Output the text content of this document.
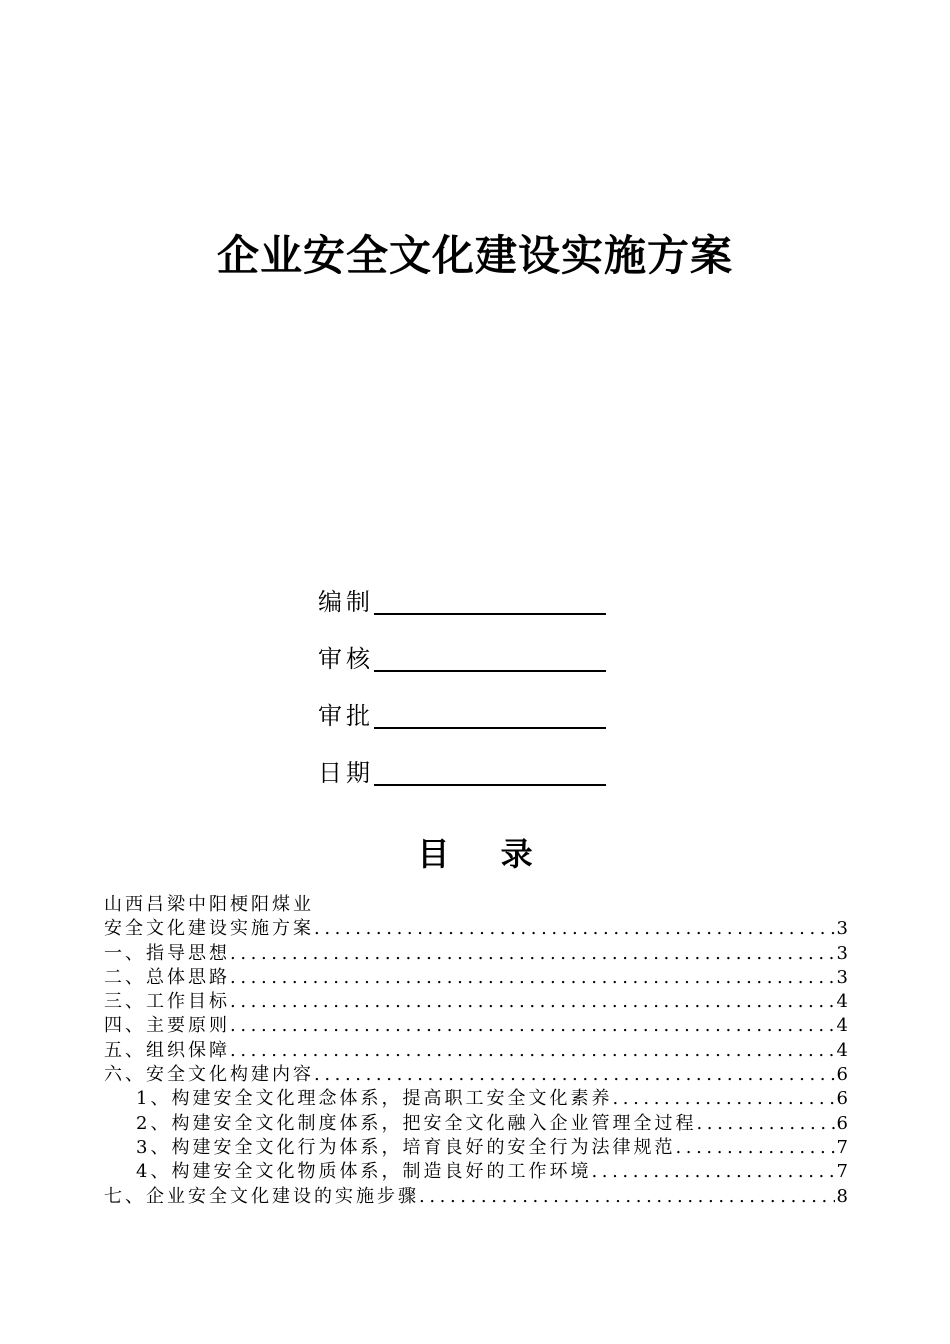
企业安全文化建设实施方案
编制
审核
审批
日期
目 录
山西吕梁中阳梗阳煤业
安全文化建设实施方案 .....	3
一、指导思想 .....	3
二、总体思路 .....	3
三、工作目标 .....	4
四、主要原则 .....	4
五、组织保障 .....	4
六、安全文化构建内容 .....	6
1、构建安全文化理念体系，提高职工安全文化素养 .....	6
2、构建安全文化制度体系，把安全文化融入企业管理全过程 .....	6
3、构建安全文化行为体系，培育良好的安全行为法律规范 .....	7
4、构建安全文化物质体系，制造良好的工作环境 .....	7
七、企业安全文化建设的实施步骤 .....	8
